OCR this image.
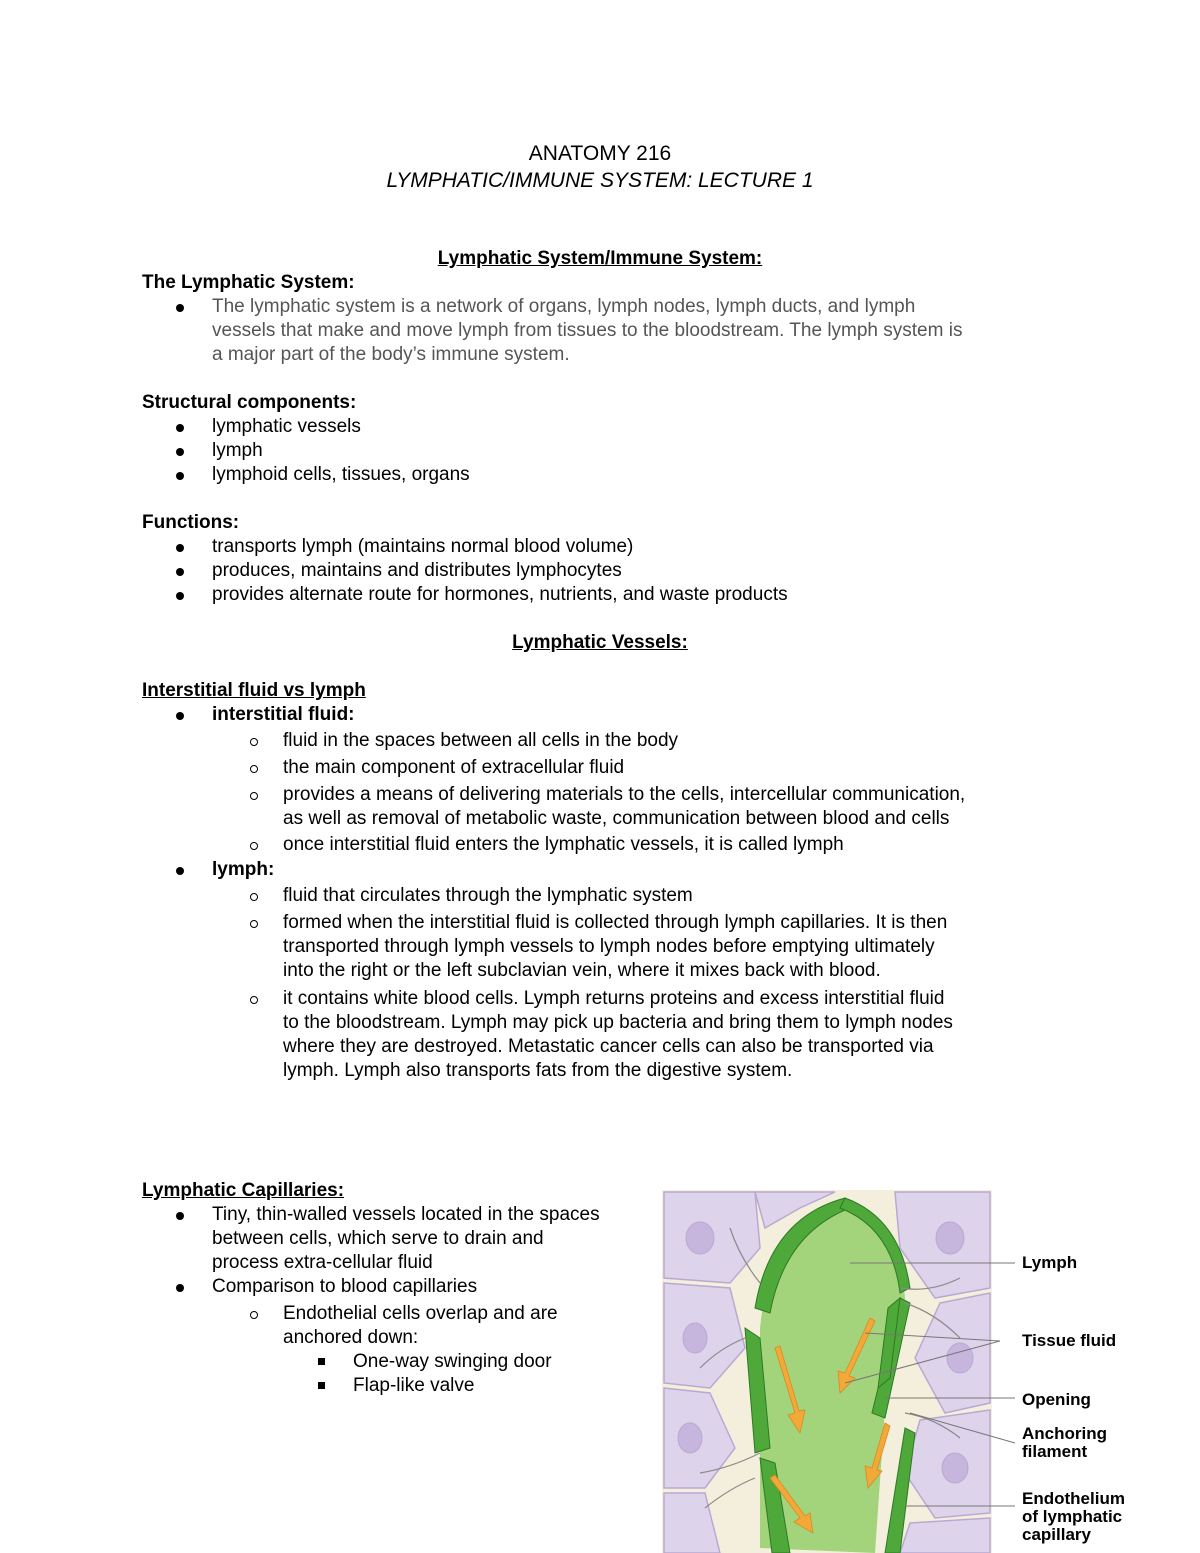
ANATOMY 216
LYMPHATIC/IMMUNE SYSTEM: LECTURE 1
Lymphatic System/Immune System:
The Lymphatic System:
The lymphatic system is a network of organs, lymph nodes, lymph ducts, and lymph
vessels that make and move lymph from tissues to the bloodstream. The lymph system is
a major part of the body’s immune system.
Structural components:
lymphatic vessels
lymph
lymphoid cells, tissues, organs
Functions:
transports lymph (maintains normal blood volume)
produces, maintains and distributes lymphocytes
provides alternate route for hormones, nutrients, and waste products
Lymphatic Vessels:
Interstitial fluid vs lymph
interstitial fluid:
fluid in the spaces between all cells in the body
the main component of extracellular fluid
provides a means of delivering materials to the cells, intercellular communication,
as well as removal of metabolic waste, communication between blood and cells
once interstitial fluid enters the lymphatic vessels, it is called lymph
lymph:
fluid that circulates through the lymphatic system
formed when the interstitial fluid is collected through lymph capillaries. It is then
transported through lymph vessels to lymph nodes before emptying ultimately
into the right or the left subclavian vein, where it mixes back with blood.
it contains white blood cells. Lymph returns proteins and excess interstitial fluid
to the bloodstream. Lymph may pick up bacteria and bring them to lymph nodes
where they are destroyed. Metastatic cancer cells can also be transported via
lymph. Lymph also transports fats from the digestive system.
Lymphatic Capillaries:
Tiny, thin-walled vessels located in the spaces
between cells, which serve to drain and
process extra-cellular fluid
Comparison to blood capillaries
Endothelial cells overlap and are
anchored down:
One-way swinging door
Flap-like valve
Lymph
Tissue fluid
Opening
Anchoring
filament
Endothelium
of lymphatic
capillary
